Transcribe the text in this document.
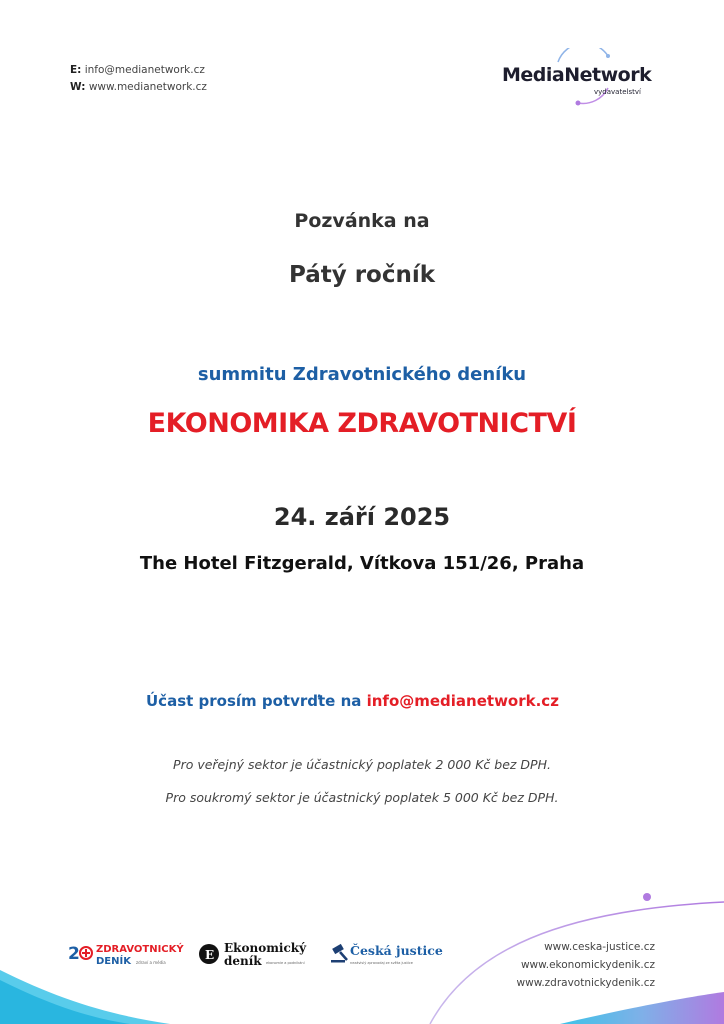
E: info@medianetwork.cz
W: www.medianetwork.cz
MediaNetwork
vydavatelství
Pozvánka na
Pátý ročník
summitu Zdravotnického deníku
EKONOMIKA ZDRAVOTNICTVÍ
24. září 2025
The Hotel Fitzgerald, Vítkova 151/26, Praha
Účast prosím potvrďte na info@medianetwork.cz
Pro veřejný sektor je účastnický poplatek 2 000 Kč bez DPH.
Pro soukromý sektor je účastnický poplatek 5 000 Kč bez DPH.
2 ZDRAVOTNICKÝ
DENÍK	zdraví a média
E Ekonomický
deník ekonomie a podnikání
Česká justice
nezávislý zpravodaj ze světa justice
www.ceska-justice.cz
www.ekonomickydenik.cz
www.zdravotnickydenik.cz
